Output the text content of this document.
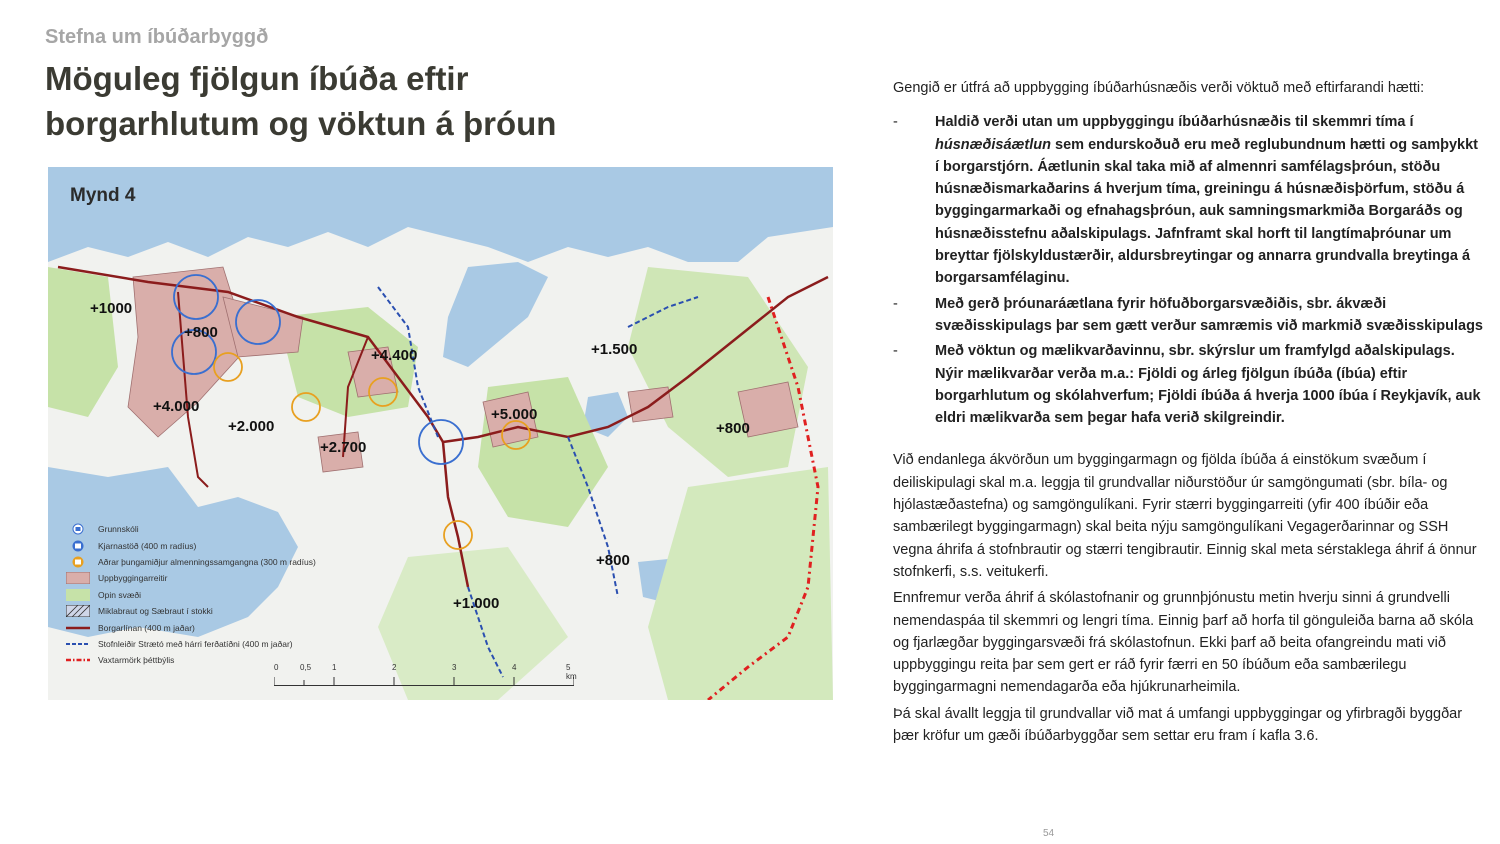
Stefna um íbúðarbyggð
Möguleg fjölgun íbúða eftir borgarhlutum og vöktun á þróun
+1000
+800
+4.000
+2.000
+2.700
+4.400
+5.000
+1.500
+800
+800
+1.000
Mynd 4
Grunnskóli
Kjarnastöð (400 m radíus)
Aðrar þungamiðjur almenningssamgangna (300 m radíus)
Uppbyggingarreitir
Opin svæði
Miklabraut og Sæbraut í stokki
Borgarlínan (400 m jaðar)
Stofnleiðir Strætó með hárri ferðatíðni (400 m jaðar)
Vaxtarmörk þéttbýlis
0	0,5	1	2	3	4	5 km

Gengið er útfrá að uppbygging íbúðarhúsnæðis verði vöktuð með eftirfarandi hætti:

-	Haldið verði utan um uppbyggingu íbúðarhúsnæðis til skemmri tíma í húsnæðisáætlun sem endurskoðuð eru með reglubundnum hætti og samþykkt í borgarstjórn. Áætlunin skal taka mið af almennri samfélagsþróun, stöðu húsnæðismarkaðarins á hverjum tíma, greiningu á húsnæðisþörfum, stöðu á byggingarmarkaði og efnahagsþróun, auk samningsmarkmiða Borgaráðs og húsnæðisstefnu aðalskipulags. Jafnframt skal horft til langtímaþróunar um breyttar fjölskyldustærðir, aldursbreytingar og annarra grundvalla breytinga á borgarsamfélaginu.
-	Með gerð þróunaráætlana fyrir höfuðborgarsvæðiðis, sbr. ákvæði svæðisskipulags þar sem gætt verður samræmis við markmið svæðisskipulags
-	Með vöktun og mælikvarðavinnu, sbr. skýrslur um framfylgd aðalskipulags. Nýir mælikvarðar verða m.a.: Fjöldi og árleg fjölgun íbúða (íbúa) eftir borgarhlutum og skólahverfum; Fjöldi íbúða á hverja 1000 íbúa í Reykjavík, auk eldri mælikvarða sem þegar hafa verið skilgreindir.

Við endanlega ákvörðun um byggingarmagn og fjölda íbúða á einstökum svæðum í deiliskipulagi skal m.a. leggja til grundvallar niðurstöður úr samgöngumati (sbr. bíla- og hjólastæðastefna) og samgöngulíkani. Fyrir stærri byggingarreiti (yfir 400 íbúðir eða sambærilegt byggingarmagn) skal beita nýju samgöngulíkani Vegagerðarinnar og SSH vegna áhrifa á stofnbrautir og stærri tengibrautir. Einnig skal meta sérstaklega áhrif á önnur stofnkerfi, s.s. veitukerfi.

Ennfremur verða áhrif á skólastofnanir og grunnþjónustu metin hverju sinni á grundvelli nemendaspáa til skemmri og lengri tíma. Einnig þarf að horfa til gönguleiða barna að skóla og fjarlægðar byggingarsvæði frá skólastofnun. Ekki þarf að beita ofangreindu mati við uppbyggingu reita þar sem gert er ráð fyrir færri en 50 íbúðum eða sambærilegu byggingarmagni nemendagarða eða hjúkrunarheimila.

Þá skal ávallt leggja til grundvallar við mat á umfangi uppbyggingar og yfirbragði byggðar þær kröfur um gæði íbúðarbyggðar sem settar eru fram í kafla 3.6.

54
